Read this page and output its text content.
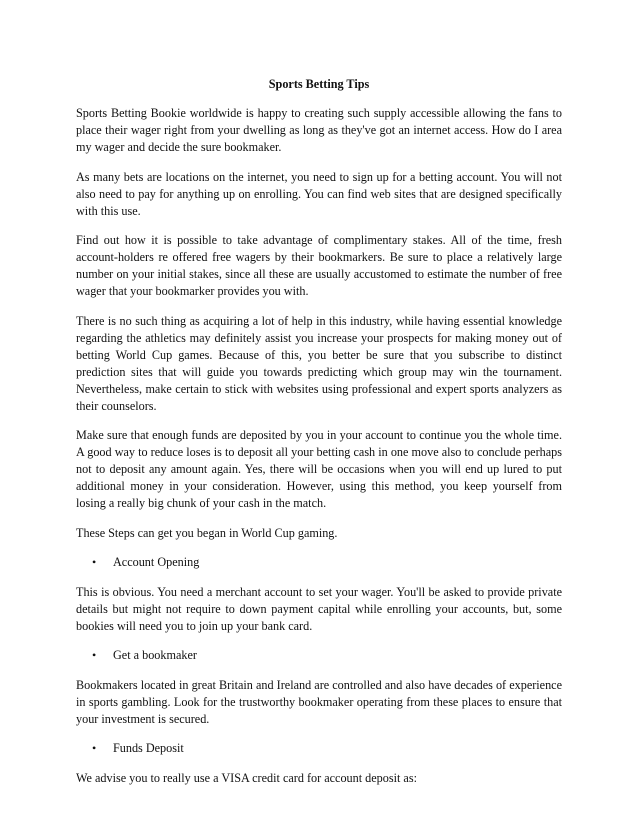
Sports Betting Tips

Sports Betting Bookie worldwide is happy to creating such supply accessible allowing the fans to place their wager right from your dwelling as long as they've got an internet access. How do I area my wager and decide the sure bookmaker.

As many bets are locations on the internet, you need to sign up for a betting account. You will not also need to pay for anything up on enrolling. You can find web sites that are designed specifically with this use.

Find out how it is possible to take advantage of complimentary stakes. All of the time, fresh account-holders re offered free wagers by their bookmarkers. Be sure to place a relatively large number on your initial stakes, since all these are usually accustomed to estimate the number of free wager that your bookmarker provides you with.

There is no such thing as acquiring a lot of help in this industry, while having essential knowledge regarding the athletics may definitely assist you increase your prospects for making money out of betting World Cup games. Because of this, you better be sure that you subscribe to distinct prediction sites that will guide you towards predicting which group may win the tournament. Nevertheless, make certain to stick with websites using professional and expert sports analyzers as their counselors.

Make sure that enough funds are deposited by you in your account to continue you the whole time. A good way to reduce loses is to deposit all your betting cash in one move also to conclude perhaps not to deposit any amount again. Yes, there will be occasions when you will end up lured to put additional money in your consideration. However, using this method, you keep yourself from losing a really big chunk of your cash in the match.

These Steps can get you began in World Cup gaming.

•	Account Opening

This is obvious. You need a merchant account to set your wager. You'll be asked to provide private details but might not require to down payment capital while enrolling your accounts, but, some bookies will need you to join up your bank card.

•	Get a bookmaker

Bookmakers located in great Britain and Ireland are controlled and also have decades of experience in sports gambling. Look for the trustworthy bookmaker operating from these places to ensure that your investment is secured.

•	Funds Deposit

We advise you to really use a VISA credit card for account deposit as:
